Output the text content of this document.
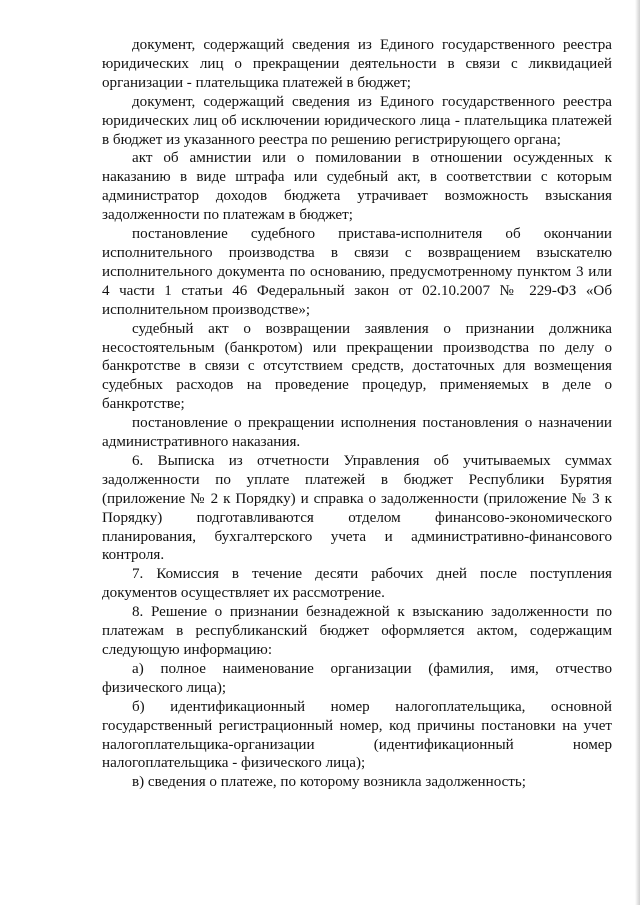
документ, содержащий сведения из Единого государственного реестра юридических лиц о прекращении деятельности в связи с ликвидацией организации - плательщика платежей в бюджет;

документ, содержащий сведения из Единого государственного реестра юридических лиц об исключении юридического лица - плательщика платежей в бюджет из указанного реестра по решению регистрирующего органа;

акт об амнистии или о помиловании в отношении осужденных к наказанию в виде штрафа или судебный акт, в соответствии с которым администратор доходов бюджета утрачивает возможность взыскания задолженности по платежам в бюджет;

постановление судебного пристава-исполнителя об окончании исполнительного производства в связи с возвращением взыскателю исполнительного документа по основанию, предусмотренному пунктом 3 или 4 части 1 статьи 46 Федеральный закон от 02.10.2007 № 229-ФЗ «Об исполнительном производстве»;

судебный акт о возвращении заявления о признании должника несостоятельным (банкротом) или прекращении производства по делу о банкротстве в связи с отсутствием средств, достаточных для возмещения судебных расходов на проведение процедур, применяемых в деле о банкротстве;

постановление о прекращении исполнения постановления о назначении административного наказания.

6. Выписка из отчетности Управления об учитываемых суммах задолженности по уплате платежей в бюджет Республики Бурятия (приложение № 2 к Порядку) и справка о задолженности (приложение № 3 к Порядку) подготавливаются отделом финансово-экономического планирования, бухгалтерского учета и административно-финансового контроля.

7. Комиссия в течение десяти рабочих дней после поступления документов осуществляет их рассмотрение.

8. Решение о признании безнадежной к взысканию задолженности по платежам в республиканский бюджет оформляется актом, содержащим следующую информацию:

а) полное наименование организации (фамилия, имя, отчество физического лица);

б) идентификационный номер налогоплательщика, основной государственный регистрационный номер, код причины постановки на учет налогоплательщика-организации (идентификационный номер налогоплательщика - физического лица);

в) сведения о платеже, по которому возникла задолженность;
